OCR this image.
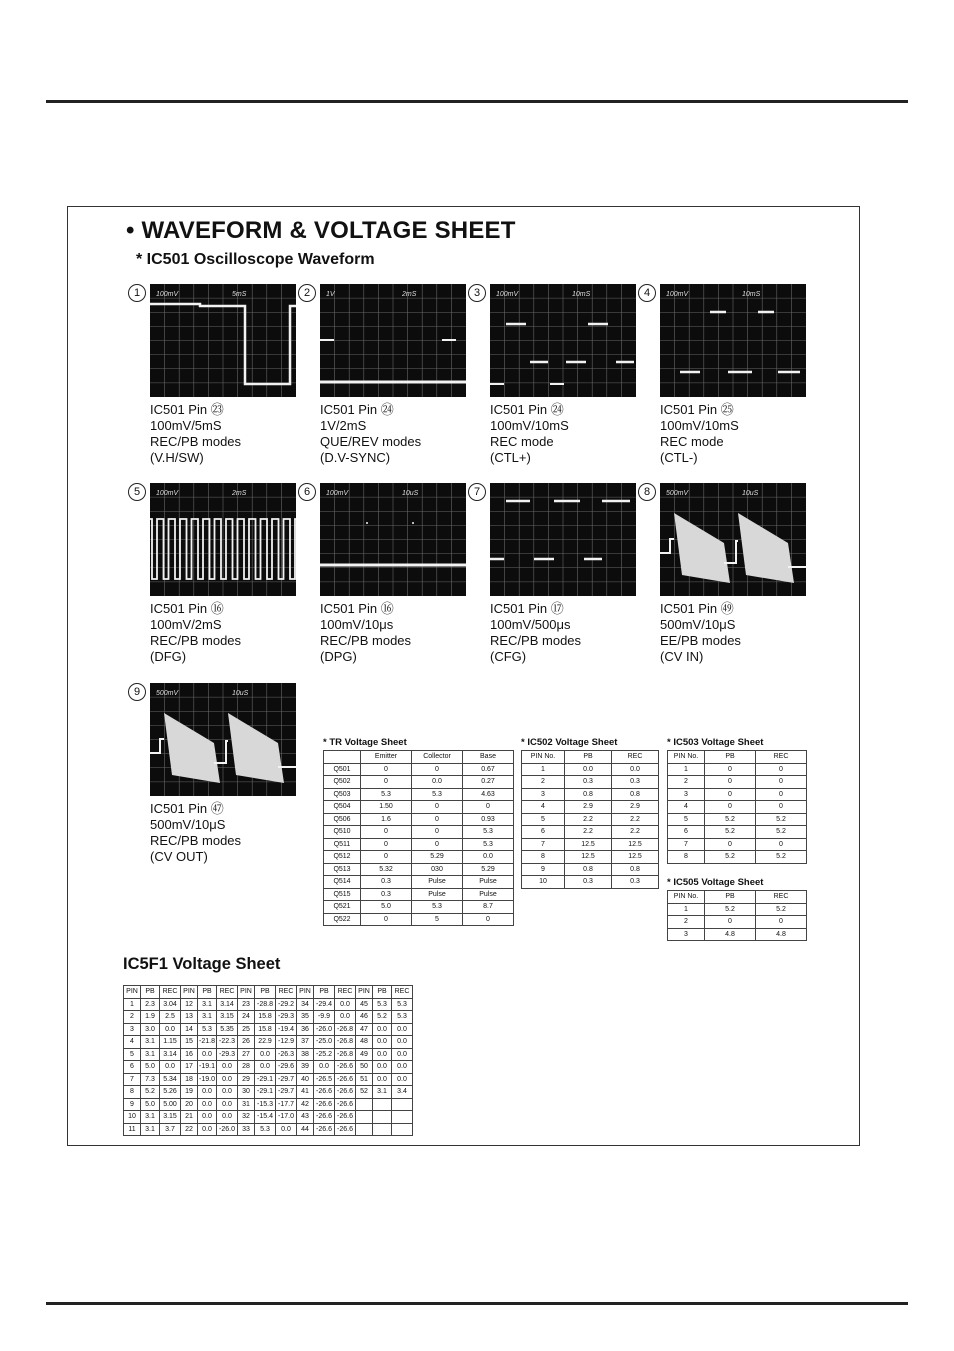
• WAVEFORM & VOLTAGE SHEET
* IC501 Oscilloscope Waveform
1	5mS
100mV
IC501 Pin ㉓
100mV/5mS
REC/PB modes
(V.H/SW)
2	2mS
1V
IC501 Pin ㉔
1V/2mS
QUE/REV modes
(D.V-SYNC)
3	10mS
100mV
IC501 Pin ㉔
100mV/10mS
REC mode
(CTL+)
4	10mS
100mV
IC501 Pin ㉕
100mV/10mS
REC mode
(CTL-)
5	2mS
100mV
IC501 Pin ⑯
100mV/2mS
REC/PB modes
(DFG)
6	10uS
100mV
IC501 Pin ⑯
100mV/10μs
REC/PB modes
(DPG)
7
IC501 Pin ⑰
100mV/500μs
REC/PB modes
(CFG)
8	10uS
500mV
IC501 Pin ㊾
500mV/10μS
EE/PB modes
(CV IN)
9	10uS
500mV
IC501 Pin ㊼
500mV/10μS
REC/PB modes
(CV OUT)
* TR Voltage Sheet
	Emitter	Collector	Base
Q501	0	0	0.67
Q502	0	0.0	0.27
Q503	5.3	5.3	4.63
Q504	1.50	0	0
Q506	1.6	0	0.93
Q510	0	0	5.3
Q511	0	0	5.3
Q512	0	5.29	0.0
Q513	5.32	030	5.29
Q514	0.3	Pulse	Pulse
Q515	0.3	Pulse	Pulse
Q521	5.0	5.3	8.7
Q522	0	5	0
* IC502 Voltage Sheet
PIN No.	PB	REC
1	0.0	0.0
2	0.3	0.3
3	0.8	0.8
4	2.9	2.9
5	2.2	2.2
6	2.2	2.2
7	12.5	12.5
8	12.5	12.5
9	0.8	0.8
10	0.3	0.3
* IC503 Voltage Sheet
PIN No.	PB	REC
1	0	0
2	0	0
3	0	0
4	0	0
5	5.2	5.2
6	5.2	5.2
7	0	0
8	5.2	5.2
* IC505 Voltage Sheet
PIN No.	PB	REC
1	5.2	5.2
2	0	0
3	4.8	4.8
IC5F1 Voltage Sheet
PIN	PB	REC	PIN	PB	REC	PIN	PB	REC	PIN	PB	REC	PIN	PB	REC
1	2.3	3.04	12	3.1	3.14	23	-28.8	-29.2	34	-29.4	0.0	45	5.3	5.3
2	1.9	2.5	13	3.1	3.15	24	15.8	-29.3	35	-9.9	0.0	46	5.2	5.3
3	3.0	0.0	14	5.3	5.35	25	15.8	-19.4	36	-26.0	-26.8	47	0.0	0.0
4	3.1	1.15	15	-21.8	-22.3	26	22.9	-12.9	37	-25.0	-26.8	48	0.0	0.0
5	3.1	3.14	16	0.0	-29.3	27	0.0	-26.3	38	-25.2	-26.8	49	0.0	0.0
6	5.0	0.0	17	-19.1	0.0	28	0.0	-29.6	39	0.0	-26.6	50	0.0	0.0
7	7.3	5.34	18	-19.0	0.0	29	-29.1	-29.7	40	-26.5	-26.6	51	0.0	0.0
8	5.2	5.26	19	0.0	0.0	30	-29.1	-29.7	41	-26.6	-26.6	52	3.1	3.4
9	5.0	5.00	20	0.0	0.0	31	-15.3	-17.7	42	-26.6	-26.6			
10	3.1	3.15	21	0.0	0.0	32	-15.4	-17.0	43	-26.6	-26.6			
11	3.1	3.7	22	0.0	-26.0	33	5.3	0.0	44	-26.6	-26.6			
